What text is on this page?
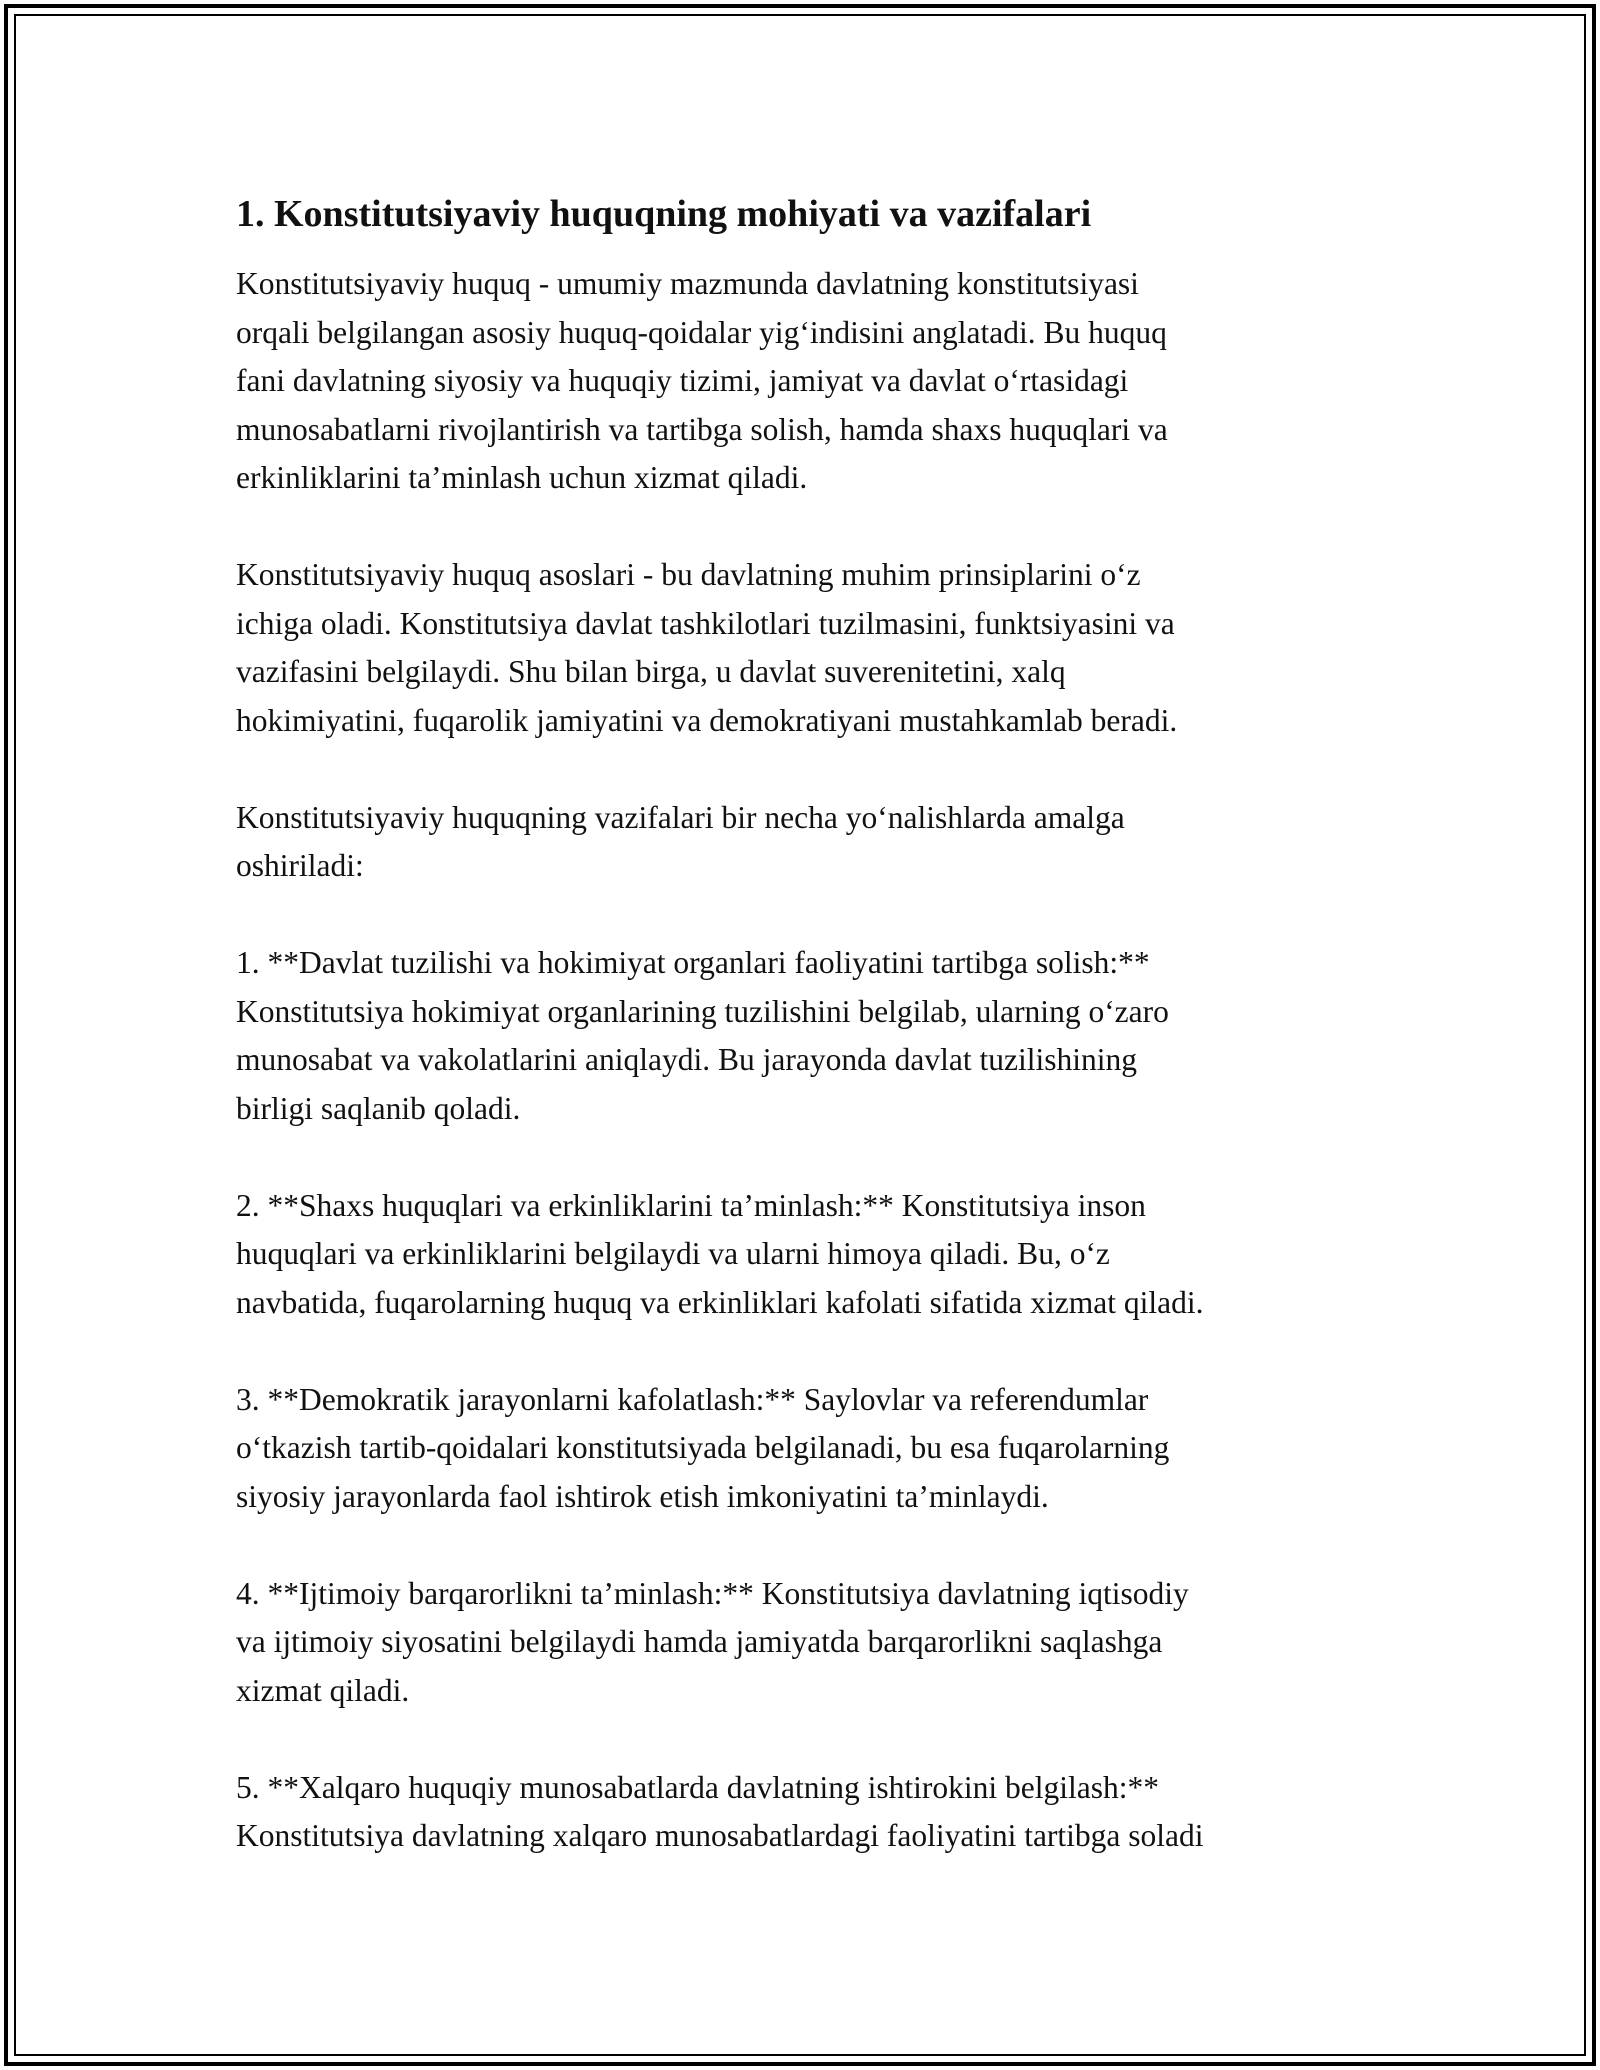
1. Konstitutsiyaviy huquqning mohiyati va vazifalari

Konstitutsiyaviy huquq - umumiy mazmunda davlatning konstitutsiyasi
orqali belgilangan asosiy huquq-qoidalar yig‘indisini anglatadi. Bu huquq
fani davlatning siyosiy va huquqiy tizimi, jamiyat va davlat o‘rtasidagi
munosabatlarni rivojlantirish va tartibga solish, hamda shaxs huquqlari va
erkinliklarini ta’minlash uchun xizmat qiladi.

Konstitutsiyaviy huquq asoslari - bu davlatning muhim prinsiplarini o‘z
ichiga oladi. Konstitutsiya davlat tashkilotlari tuzilmasini, funktsiyasini va
vazifasini belgilaydi. Shu bilan birga, u davlat suverenitetini, xalq
hokimiyatini, fuqarolik jamiyatini va demokratiyani mustahkamlab beradi.

Konstitutsiyaviy huquqning vazifalari bir necha yo‘nalishlarda amalga
oshiriladi:

1. **Davlat tuzilishi va hokimiyat organlari faoliyatini tartibga solish:**
Konstitutsiya hokimiyat organlarining tuzilishini belgilab, ularning o‘zaro
munosabat va vakolatlarini aniqlaydi. Bu jarayonda davlat tuzilishining
birligi saqlanib qoladi.

2. **Shaxs huquqlari va erkinliklarini ta’minlash:** Konstitutsiya inson
huquqlari va erkinliklarini belgilaydi va ularni himoya qiladi. Bu, o‘z
navbatida, fuqarolarning huquq va erkinliklari kafolati sifatida xizmat qiladi.

3. **Demokratik jarayonlarni kafolatlash:** Saylovlar va referendumlar
o‘tkazish tartib-qoidalari konstitutsiyada belgilanadi, bu esa fuqarolarning
siyosiy jarayonlarda faol ishtirok etish imkoniyatini ta’minlaydi.

4. **Ijtimoiy barqarorlikni ta’minlash:** Konstitutsiya davlatning iqtisodiy
va ijtimoiy siyosatini belgilaydi hamda jamiyatda barqarorlikni saqlashga
xizmat qiladi.

5. **Xalqaro huquqiy munosabatlarda davlatning ishtirokini belgilash:**
Konstitutsiya davlatning xalqaro munosabatlardagi faoliyatini tartibga soladi
